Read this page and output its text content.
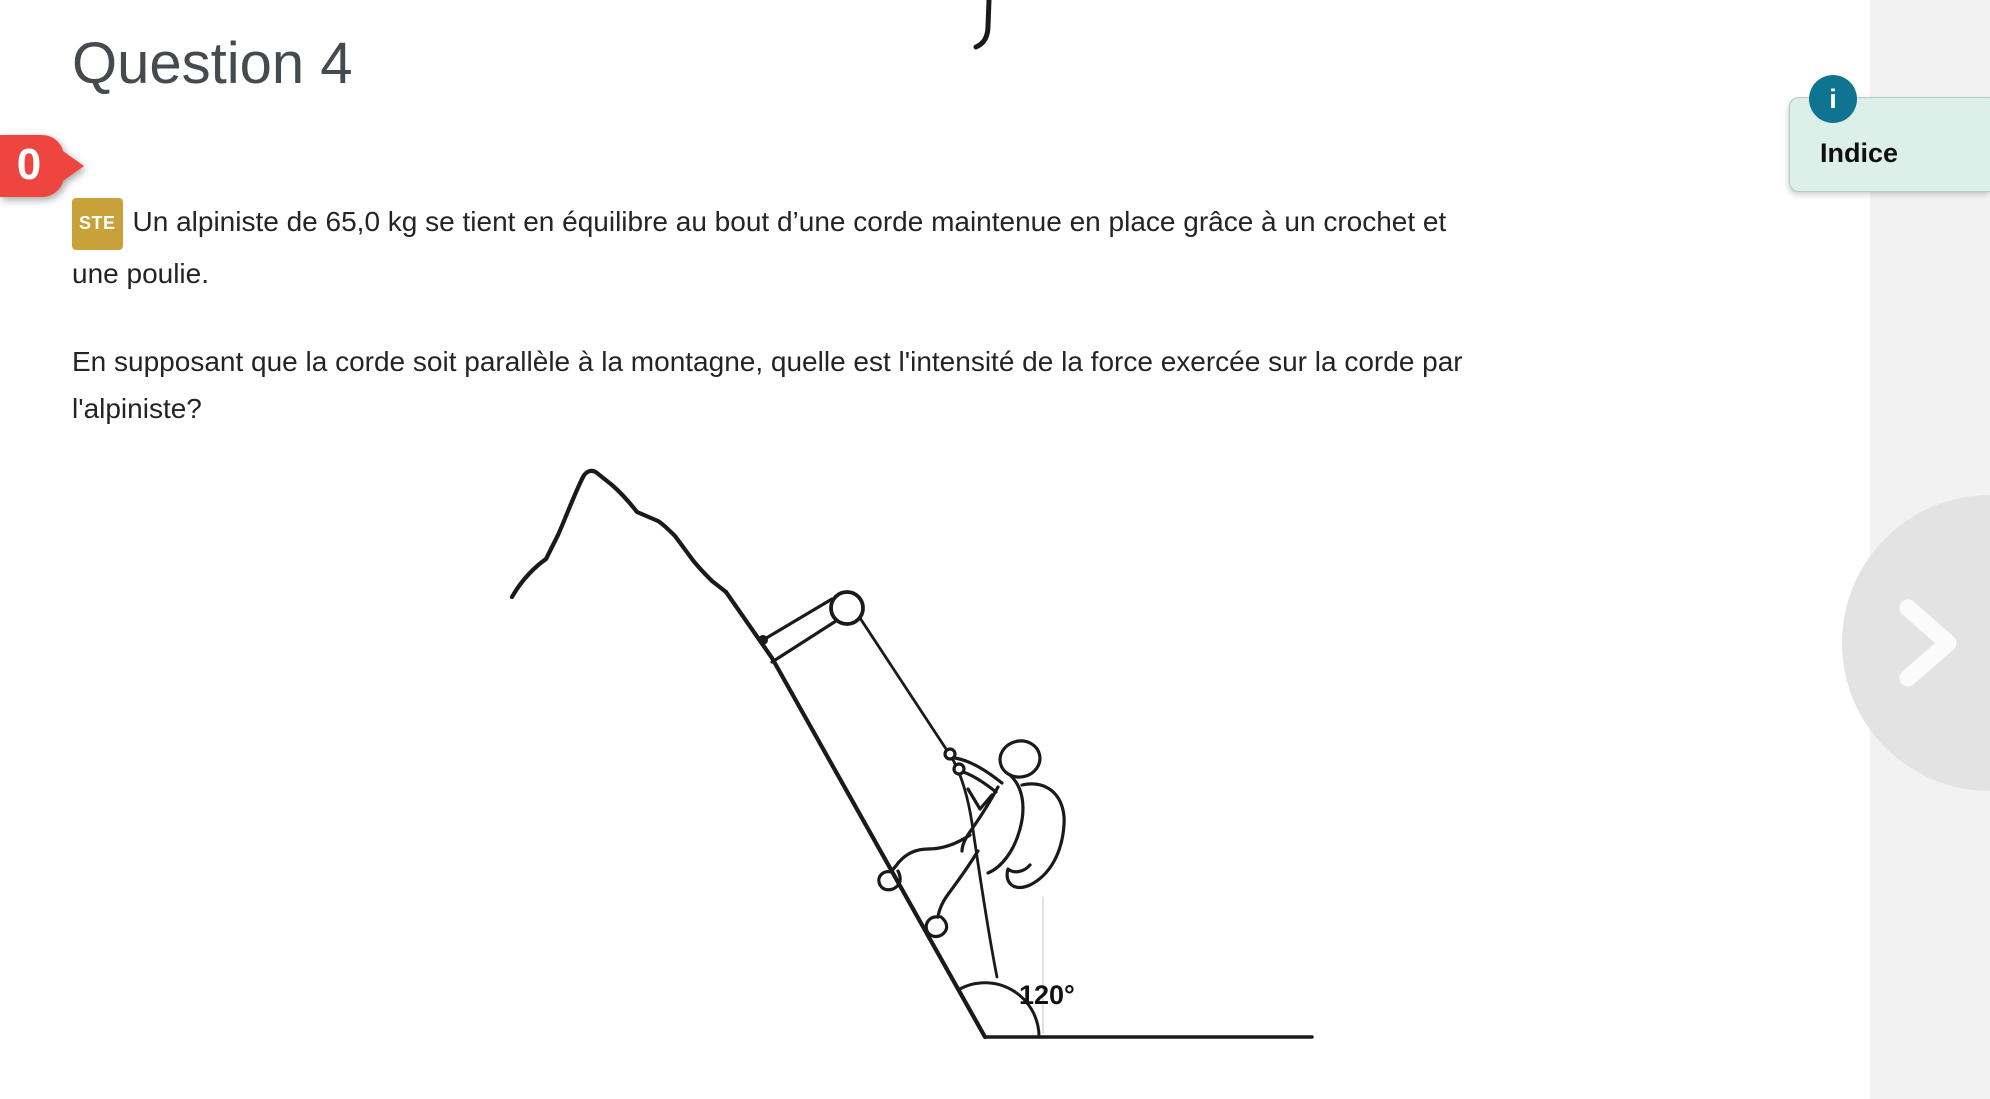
i
Indice
0
Question 4
STE Un alpiniste de 65,0 kg se tient en équilibre au bout d’une corde maintenue en place grâce à un crochet et
une poulie.
En supposant que la corde soit parallèle à la montagne, quelle est l'intensité de la force exercée sur la corde par
l'alpiniste?
120°
